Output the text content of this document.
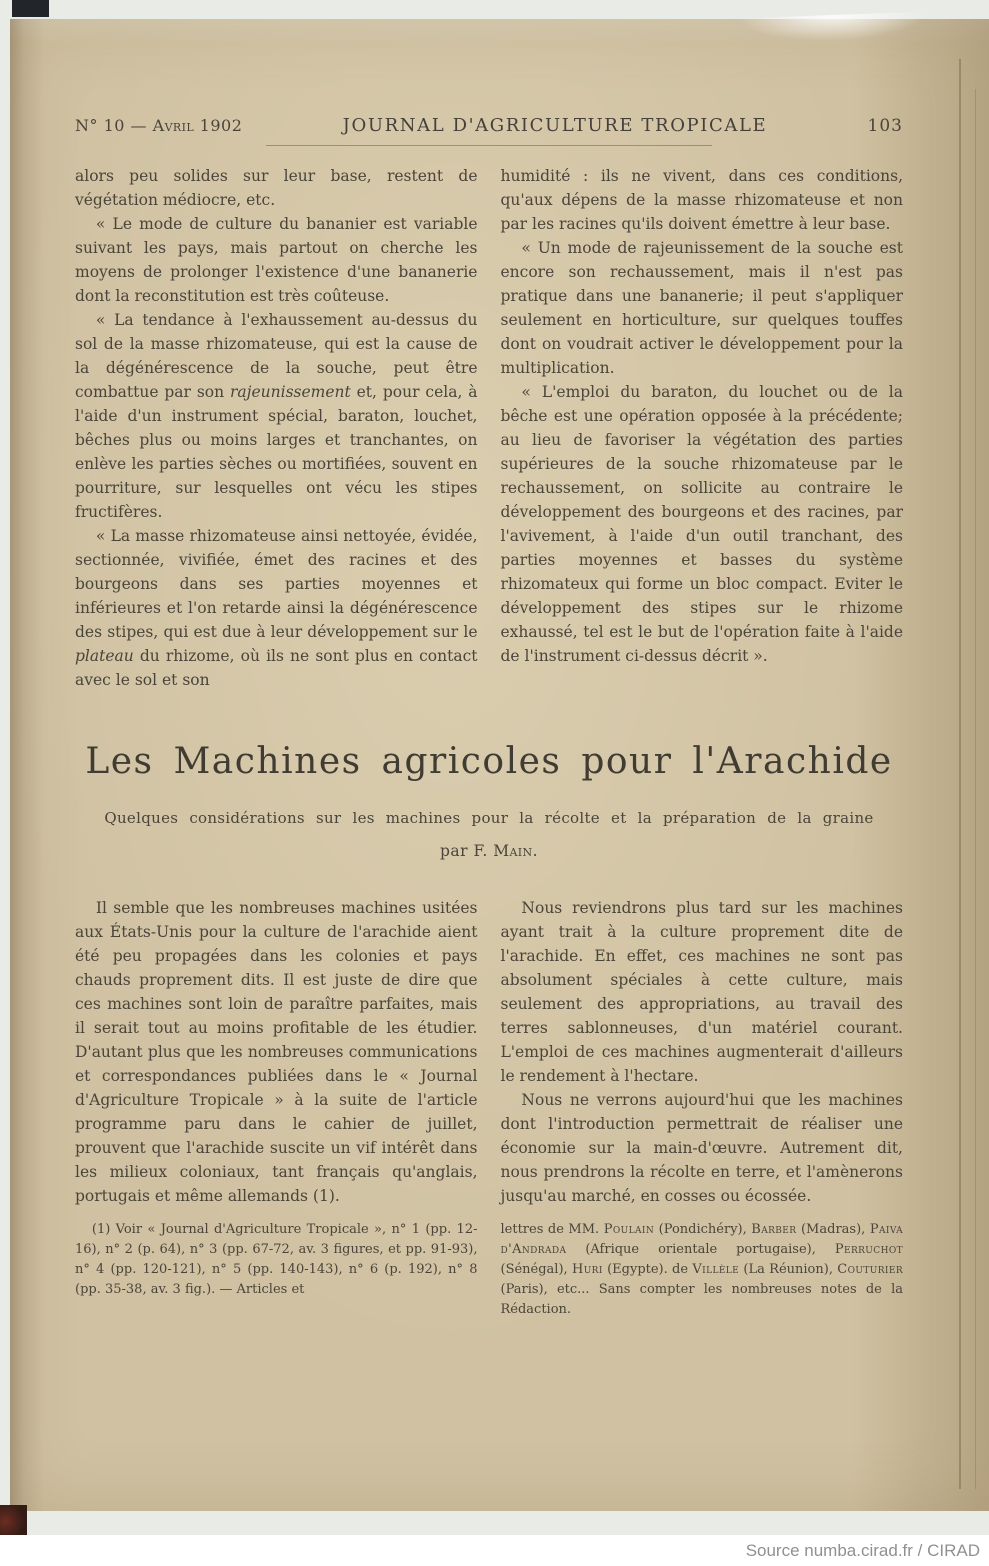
N° 10 — Avril 1902	JOURNAL D'AGRICULTURE TROPICALE	103

alors peu solides sur leur base, restent de végétation médiocre, etc.

« Le mode de culture du bananier est variable suivant les pays, mais partout on cherche les moyens de prolonger l'existence d'une bananerie dont la reconstitution est très coûteuse.

« La tendance à l'exhaussement au-dessus du sol de la masse rhizomateuse, qui est la cause de la dégénérescence de la souche, peut être combattue par son rajeunissement et, pour cela, à l'aide d'un instrument spécial, baraton, louchet, bêches plus ou moins larges et tranchantes, on enlève les parties sèches ou mortifiées, souvent en pourriture, sur lesquelles ont vécu les stipes fructifères.

« La masse rhizomateuse ainsi nettoyée, évidée, sectionnée, vivifiée, émet des racines et des bourgeons dans ses parties moyennes et inférieures et l'on retarde ainsi la dégénérescence des stipes, qui est due à leur développement sur le plateau du rhizome, où ils ne sont plus en contact avec le sol et son

humidité : ils ne vivent, dans ces conditions, qu'aux dépens de la masse rhizomateuse et non par les racines qu'ils doivent émettre à leur base.

« Un mode de rajeunissement de la souche est encore son rechaussement, mais il n'est pas pratique dans une bananerie; il peut s'appliquer seulement en horticulture, sur quelques touffes dont on voudrait activer le développement pour la multiplication.

« L'emploi du baraton, du louchet ou de la bêche est une opération opposée à la précédente; au lieu de favoriser la végétation des parties supérieures de la souche rhizomateuse par le rechaussement, on sollicite au contraire le développement des bourgeons et des racines, par l'avivement, à l'aide d'un outil tranchant, des parties moyennes et basses du système rhizomateux qui forme un bloc compact. Eviter le développement des stipes sur le rhizome exhaussé, tel est le but de l'opération faite à l'aide de l'instrument ci-dessus décrit ».

Les Machines agricoles pour l'Arachide
Quelques considérations sur les machines pour la récolte et la préparation de la graine
par F. Main.

Il semble que les nombreuses machines usitées aux États-Unis pour la culture de l'arachide aient été peu propagées dans les colonies et pays chauds proprement dits. Il est juste de dire que ces machines sont loin de paraître parfaites, mais il serait tout au moins profitable de les étudier. D'autant plus que les nombreuses communications et correspondances publiées dans le « Journal d'Agriculture Tropicale » à la suite de l'article programme paru dans le cahier de juillet, prouvent que l'arachide suscite un vif intérêt dans les milieux coloniaux, tant français qu'anglais, portugais et même allemands (1).

(1) Voir « Journal d'Agriculture Tropicale », n° 1 (pp. 12-16), n° 2 (p. 64), n° 3 (pp. 67-72, av. 3 figures, et pp. 91-93), n° 4 (pp. 120-121), n° 5 (pp. 140-143), n° 6 (p. 192), n° 8 (pp. 35-38, av. 3 fig.). — Articles et

Nous reviendrons plus tard sur les machines ayant trait à la culture proprement dite de l'arachide. En effet, ces machines ne sont pas absolument spéciales à cette culture, mais seulement des appropriations, au travail des terres sablonneuses, d'un matériel courant. L'emploi de ces machines augmenterait d'ailleurs le rendement à l'hectare.

Nous ne verrons aujourd'hui que les machines dont l'introduction permettrait de réaliser une économie sur la main-d'œuvre. Autrement dit, nous prendrons la récolte en terre, et l'amènerons jusqu'au marché, en cosses ou écossée.

lettres de MM. Poulain (Pondichéry), Barber (Madras), Paiva d'Andrada (Afrique orientale portugaise), Perruchot (Sénégal), Huri (Egypte). de Villèle (La Réunion), Couturier (Paris), etc... Sans compter les nombreuses notes de la Rédaction.

Source numba.cirad.fr / CIRAD
